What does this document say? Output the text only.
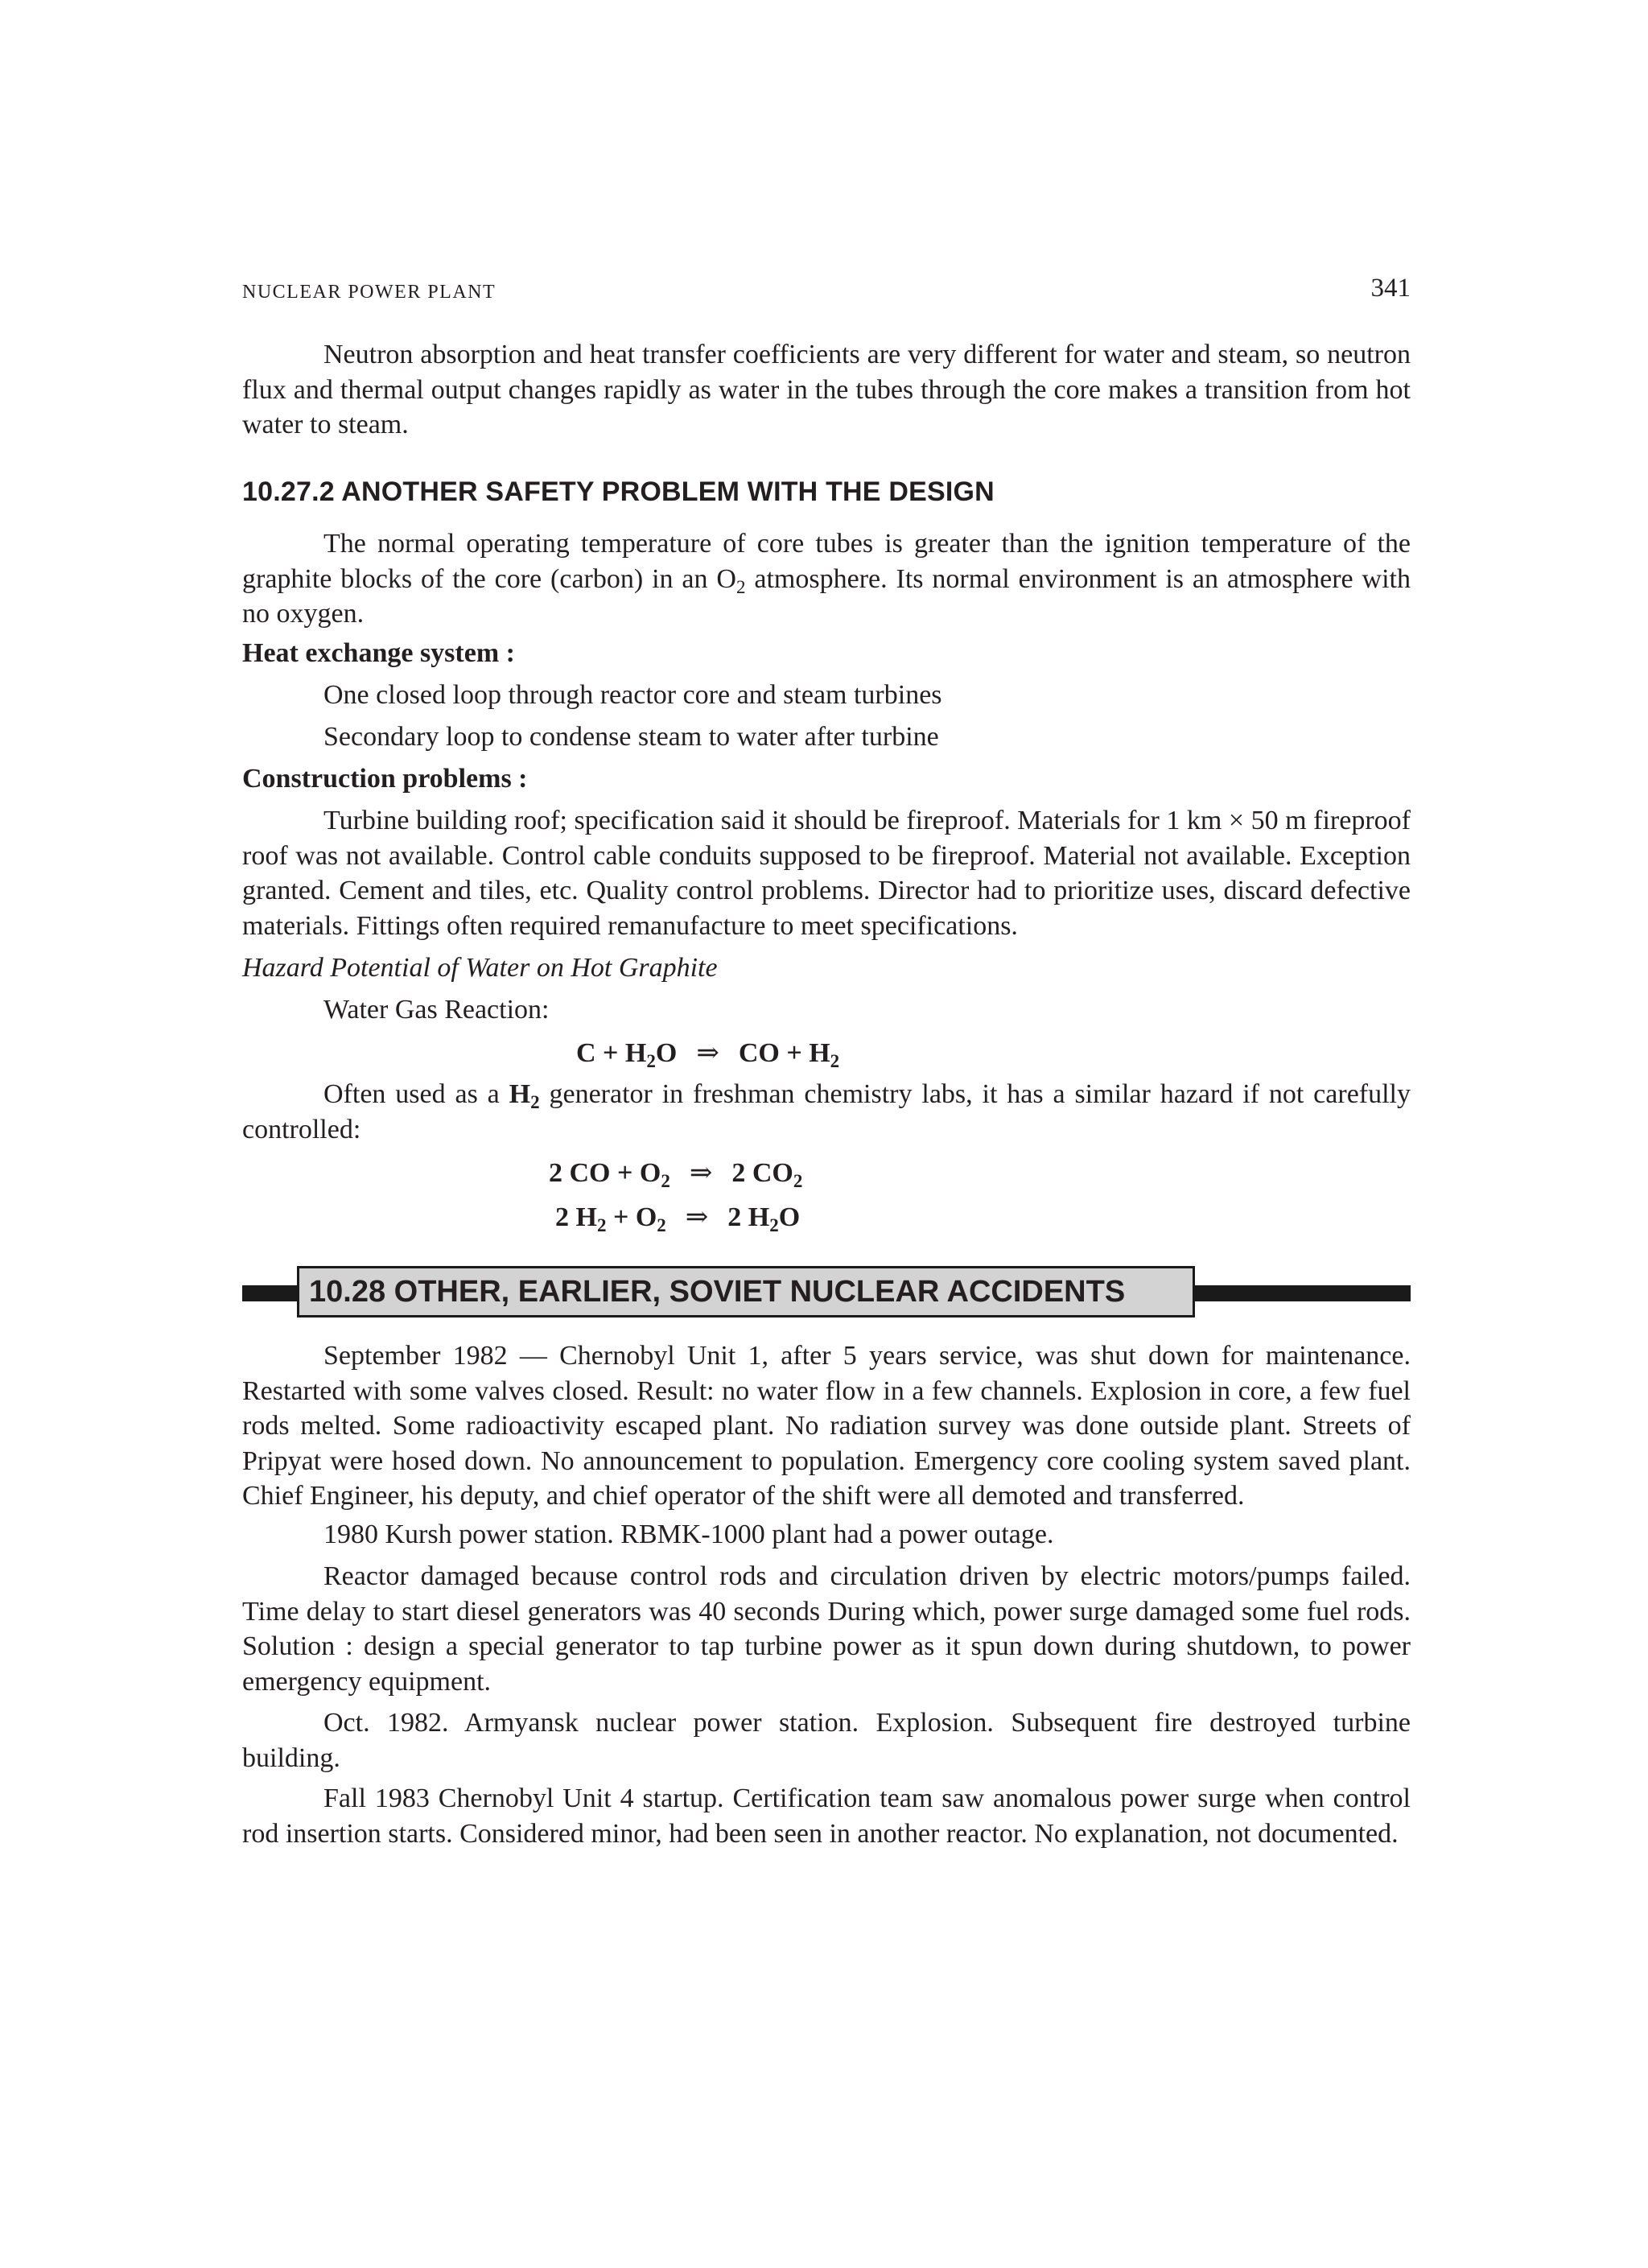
NUCLEAR POWER PLANT	341

Neutron absorption and heat transfer coefficients are very different for water and steam, so neutron flux and thermal output changes rapidly as water in the tubes through the core makes a transition from hot water to steam.

10.27.2 ANOTHER SAFETY PROBLEM WITH THE DESIGN

The normal operating temperature of core tubes is greater than the ignition temperature of the graphite blocks of the core (carbon) in an $O_2$ atmosphere. Its normal environment is an atmosphere with no oxygen.

Heat exchange system :

One closed loop through reactor core and steam turbines

Secondary loop to condense steam to water after turbine

Construction problems :

Turbine building roof; specification said it should be fireproof. Materials for 1 km × 50 m fireproof roof was not available. Control cable conduits supposed to be fireproof. Material not available. Exception granted. Cement and tiles, etc. Quality control problems. Director had to prioritize uses, discard defective materials. Fittings often required remanufacture to meet specifications.

Hazard Potential of Water on Hot Graphite

Water Gas Reaction:

$C + H_2O$ ⇒ CO + $H_2$

Often used as a $H_2$ generator in freshman chemistry labs, it has a similar hazard if not carefully controlled:

2 CO + $O_2$ ⇒ 2 $CO_2$
2 $H_2 + O_2$ ⇒ 2 $H_2O$
10.28 OTHER, EARLIER, SOVIET NUCLEAR ACCIDENTS

September 1982 — Chernobyl Unit 1, after 5 years service, was shut down for maintenance. Restarted with some valves closed. Result: no water flow in a few channels. Explosion in core, a few fuel rods melted. Some radioactivity escaped plant. No radiation survey was done outside plant. Streets of Pripyat were hosed down. No announcement to population. Emergency core cooling system saved plant. Chief Engineer, his deputy, and chief operator of the shift were all demoted and transferred.

1980 Kursh power station. RBMK-1000 plant had a power outage.

Reactor damaged because control rods and circulation driven by electric motors/pumps failed. Time delay to start diesel generators was 40 seconds During which, power surge damaged some fuel rods. Solution : design a special generator to tap turbine power as it spun down during shutdown, to power emergency equipment.

Oct. 1982. Armyansk nuclear power station. Explosion. Subsequent fire destroyed turbine building.

Fall 1983 Chernobyl Unit 4 startup. Certification team saw anomalous power surge when control rod insertion starts. Considered minor, had been seen in another reactor. No explanation, not documented.
